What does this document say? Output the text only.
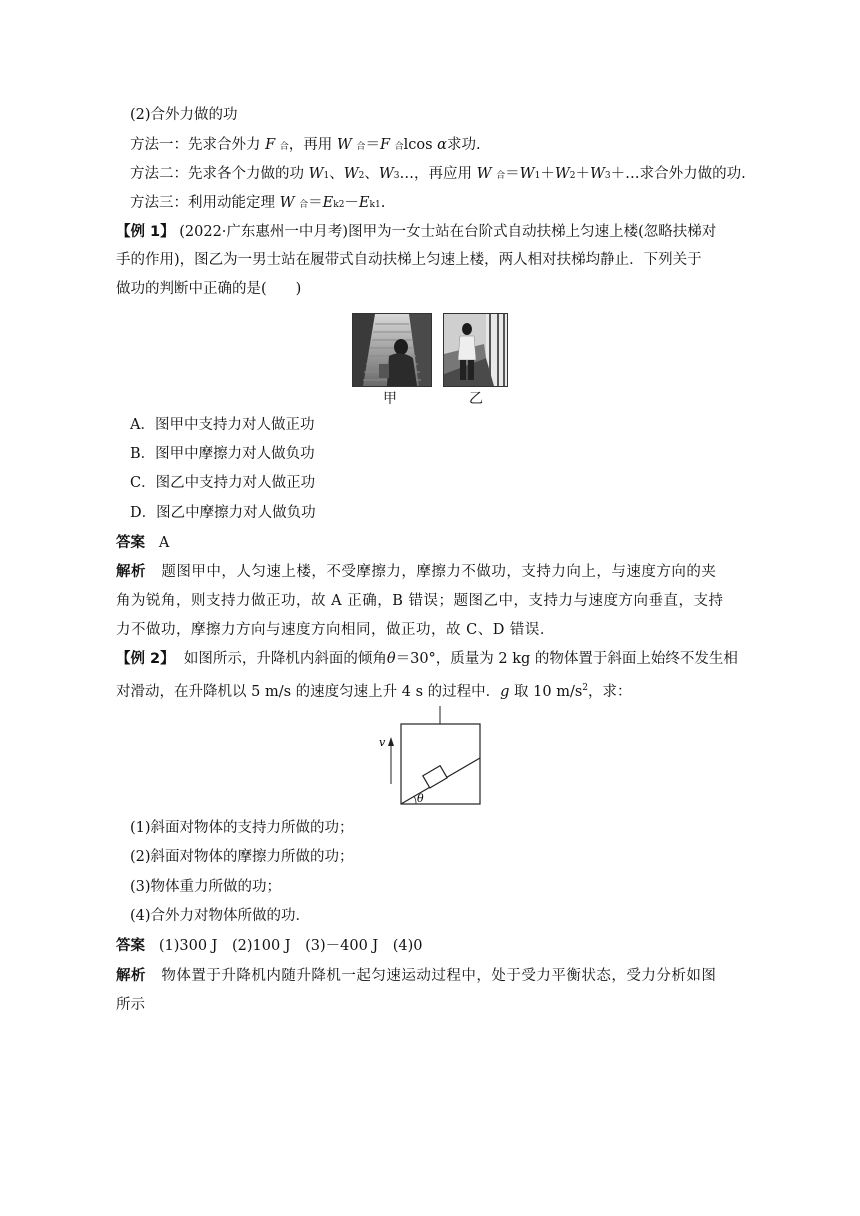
(2)合外力做的功
方法一：先求合外力 F 合，再用 W 合＝F 合lcos α求功.
方法二：先求各个力做的功 W1、W2、W3…，再应用 W 合＝W1＋W2＋W3＋…求合外力做的功.
方法三：利用动能定理 W 合＝Ek2－Ek1.
【例 1】 (2022·广东惠州一中月考)图甲为一女士站在台阶式自动扶梯上匀速上楼(忽略扶梯对
手的作用)，图乙为一男士站在履带式自动扶梯上匀速上楼，两人相对扶梯均静止．下列关于
做功的判断中正确的是(　　)
甲	乙
A．图甲中支持力对人做正功
B．图甲中摩擦力对人做负功
C．图乙中支持力对人做正功
D．图乙中摩擦力对人做负功
答案 A
解析 题图甲中，人匀速上楼，不受摩擦力，摩擦力不做功，支持力向上，与速度方向的夹
角为锐角，则支持力做正功，故 A 正确，B 错误；题图乙中，支持力与速度方向垂直，支持
力不做功，摩擦力方向与速度方向相同，做正功，故 C、D 错误．
【例 2】 如图所示，升降机内斜面的倾角θ＝30°，质量为 2 kg 的物体置于斜面上始终不发生相
对滑动，在升降机以 5 m/s 的速度匀速上升 4 s 的过程中．g 取 10 $m/s^2$，求：
v
θ
(1)斜面对物体的支持力所做的功；
(2)斜面对物体的摩擦力所做的功；
(3)物体重力所做的功；
(4)合外力对物体所做的功．
答案 (1)300 J　(2)100 J　(3)－400 J　(4)0
解析 物体置于升降机内随升降机一起匀速运动过程中，处于受力平衡状态，受力分析如图
所示
